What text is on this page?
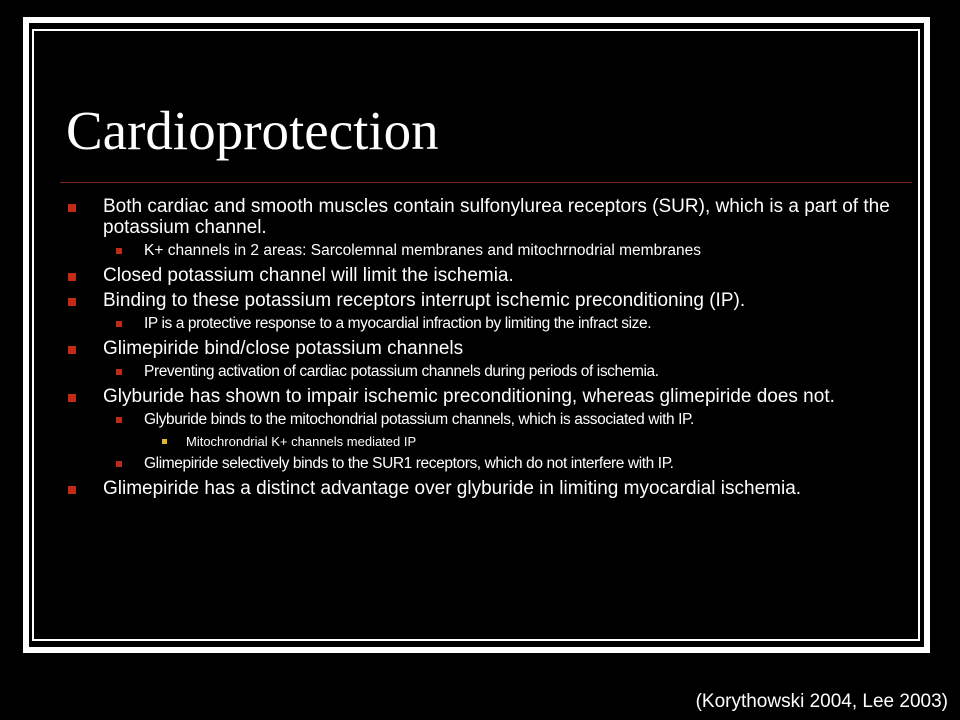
Cardioprotection
Both cardiac and smooth muscles contain sulfonylurea receptors (SUR), which is a part of the potassium channel.
K+ channels in 2 areas: Sarcolemnal membranes and mitochrnodrial membranes
Closed potassium channel will limit the ischemia.
Binding to these potassium receptors interrupt ischemic preconditioning (IP).
IP is a protective response to a myocardial infraction by limiting the infract size.
Glimepiride bind/close potassium channels
Preventing activation of cardiac potassium channels during periods of ischemia.
Glyburide has shown to impair ischemic preconditioning, whereas glimepiride does not.
Glyburide binds to the mitochondrial potassium channels, which is associated with IP.
Mitochrondrial K+ channels mediated IP
Glimepiride selectively binds to the SUR1 receptors, which do not interfere with IP.
Glimepiride has a distinct advantage over glyburide in limiting myocardial ischemia.
(Korythowski 2004, Lee 2003)
